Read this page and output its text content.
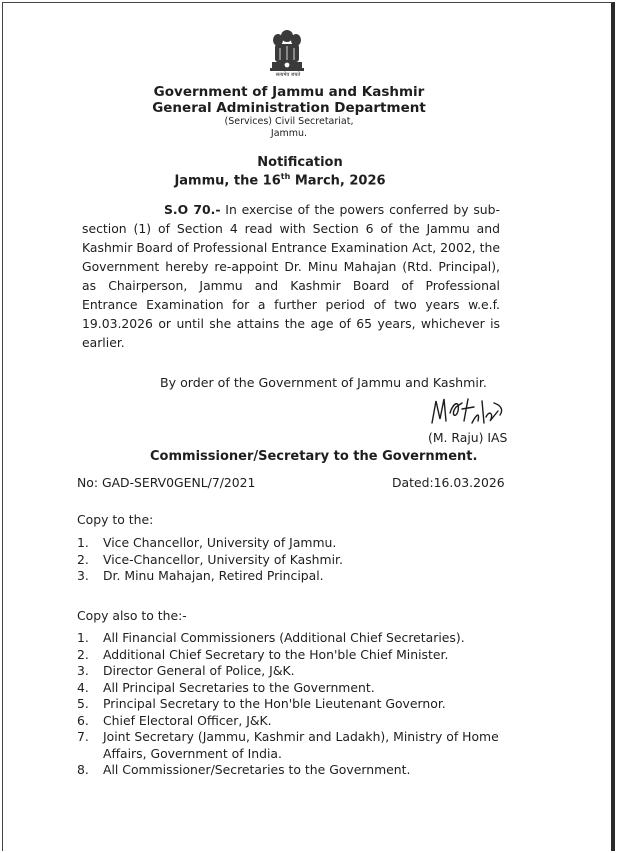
सत्यमेव जयते
Government of Jammu and Kashmir
General Administration Department
(Services) Civil Secretariat,
Jammu.
Notification
Jammu, the 16th March, 2026
S.O 70.- In exercise of the powers conferred by sub-section (1) of Section 4 read with Section 6 of the Jammu and Kashmir Board of Professional Entrance Examination Act, 2002, the Government hereby re-appoint Dr. Minu Mahajan (Rtd. Principal), as Chairperson, Jammu and Kashmir Board of Professional Entrance Examination for a further period of two years w.e.f. 19.03.2026 or until she attains the age of 65 years, whichever is earlier.
By order of the Government of Jammu and Kashmir.
(M. Raju) IAS
Commissioner/Secretary to the Government.
No: GAD-SERV0GENL/7/2021	Dated:16.03.2026
Copy to the:
1.	Vice Chancellor, University of Jammu.
2.	Vice-Chancellor, University of Kashmir.
3.	Dr. Minu Mahajan, Retired Principal.
Copy also to the:-
1.	All Financial Commissioners (Additional Chief Secretaries).
2.	Additional Chief Secretary to the Hon'ble Chief Minister.
3.	Director General of Police, J&K.
4.	All Principal Secretaries to the Government.
5.	Principal Secretary to the Hon'ble Lieutenant Governor.
6.	Chief Electoral Officer, J&K.
7.	Joint Secretary (Jammu, Kashmir and Ladakh), Ministry of Home Affairs, Government of India.
8.	All Commissioner/Secretaries to the Government.
